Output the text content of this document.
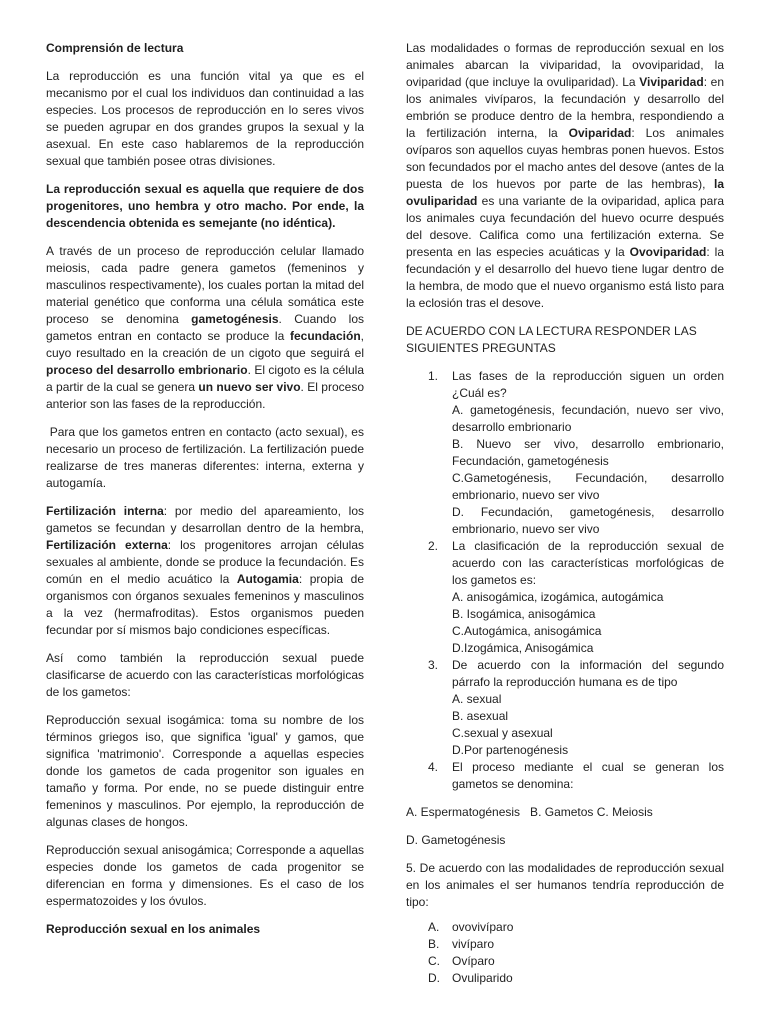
Comprensión de lectura

La reproducción es una función vital ya que es el mecanismo por el cual los individuos dan continuidad a las especies. Los procesos de reproducción en lo seres vivos se pueden agrupar en dos grandes grupos la sexual y la asexual. En este caso hablaremos de la reproducción sexual que también posee otras divisiones.

La reproducción sexual es aquella que requiere de dos progenitores, uno hembra y otro macho. Por ende, la descendencia obtenida es semejante (no idéntica).

A través de un proceso de reproducción celular llamado meiosis, cada padre genera gametos (femeninos y masculinos respectivamente), los cuales portan la mitad del material genético que conforma una célula somática este proceso se denomina gametogénesis. Cuando los gametos entran en contacto se produce la fecundación, cuyo resultado en la creación de un cigoto que seguirá el proceso del desarrollo embrionario. El cigoto es la célula a partir de la cual se genera un nuevo ser vivo. El proceso anterior son las fases de la reproducción.

Para que los gametos entren en contacto (acto sexual), es necesario un proceso de fertilización. La fertilización puede realizarse de tres maneras diferentes: interna, externa y autogamía.

Fertilización interna: por medio del apareamiento, los gametos se fecundan y desarrollan dentro de la hembra, Fertilización externa: los progenitores arrojan células sexuales al ambiente, donde se produce la fecundación. Es común en el medio acuático la Autogamia: propia de organismos con órganos sexuales femeninos y masculinos a la vez (hermafroditas). Estos organismos pueden fecundar por sí mismos bajo condiciones específicas.

Así como también la reproducción sexual puede clasificarse de acuerdo con las características morfológicas de los gametos:

Reproducción sexual isogámica: toma su nombre de los términos griegos iso, que significa 'igual' y gamos, que significa 'matrimonio'. Corresponde a aquellas especies donde los gametos de cada progenitor son iguales en tamaño y forma. Por ende, no se puede distinguir entre femeninos y masculinos. Por ejemplo, la reproducción de algunas clases de hongos.

Reproducción sexual anisogámica; Corresponde a aquellas especies donde los gametos de cada progenitor se diferencian en forma y dimensiones. Es el caso de los espermatozoides y los óvulos.

Reproducción sexual en los animales

Las modalidades o formas de reproducción sexual en los animales abarcan la viviparidad, la ovoviparidad, la oviparidad (que incluye la ovuliparidad). La Viviparidad: en los animales vivíparos, la fecundación y desarrollo del embrión se produce dentro de la hembra, respondiendo a la fertilización interna, la Oviparidad: Los animales ovíparos son aquellos cuyas hembras ponen huevos. Estos son fecundados por el macho antes del desove (antes de la puesta de los huevos por parte de las hembras), la ovuliparidad es una variante de la oviparidad, aplica para los animales cuya fecundación del huevo ocurre después del desove. Califica como una fertilización externa. Se presenta en las especies acuáticas y la Ovoviparidad: la fecundación y el desarrollo del huevo tiene lugar dentro de la hembra, de modo que el nuevo organismo está listo para la eclosión tras el desove.

DE ACUERDO CON LA LECTURA RESPONDER LAS SIGUIENTES PREGUNTAS

1. Las fases de la reproducción siguen un orden ¿Cuál es?
A. gametogénesis, fecundación, nuevo ser vivo, desarrollo embrionario
B. Nuevo ser vivo, desarrollo embrionario, Fecundación, gametogénesis
C.Gametogénesis, Fecundación, desarrollo embrionario, nuevo ser vivo
D. Fecundación, gametogénesis, desarrollo embrionario, nuevo ser vivo
2. La clasificación de la reproducción sexual de acuerdo con las características morfológicas de los gametos es:
A. anisogámica, izogámica, autogámica
B. Isogámica, anisogámica
C.Autogámica, anisogámica
D.Izogámica, Anisogámica
3. De acuerdo con la información del segundo párrafo la reproducción humana es de tipo
A. sexual
B. asexual
C.sexual y asexual
D.Por partenogénesis
4. El proceso mediante el cual se generan los gametos se denomina:

A. Espermatogénesis   B. Gametos C. Meiosis

D. Gametogénesis

5. De acuerdo con las modalidades de reproducción sexual en los animales el ser humanos tendría reproducción de tipo:

A. ovovivíparo
B. vivíparo
C. Ovíparo
D. Ovuliparido
